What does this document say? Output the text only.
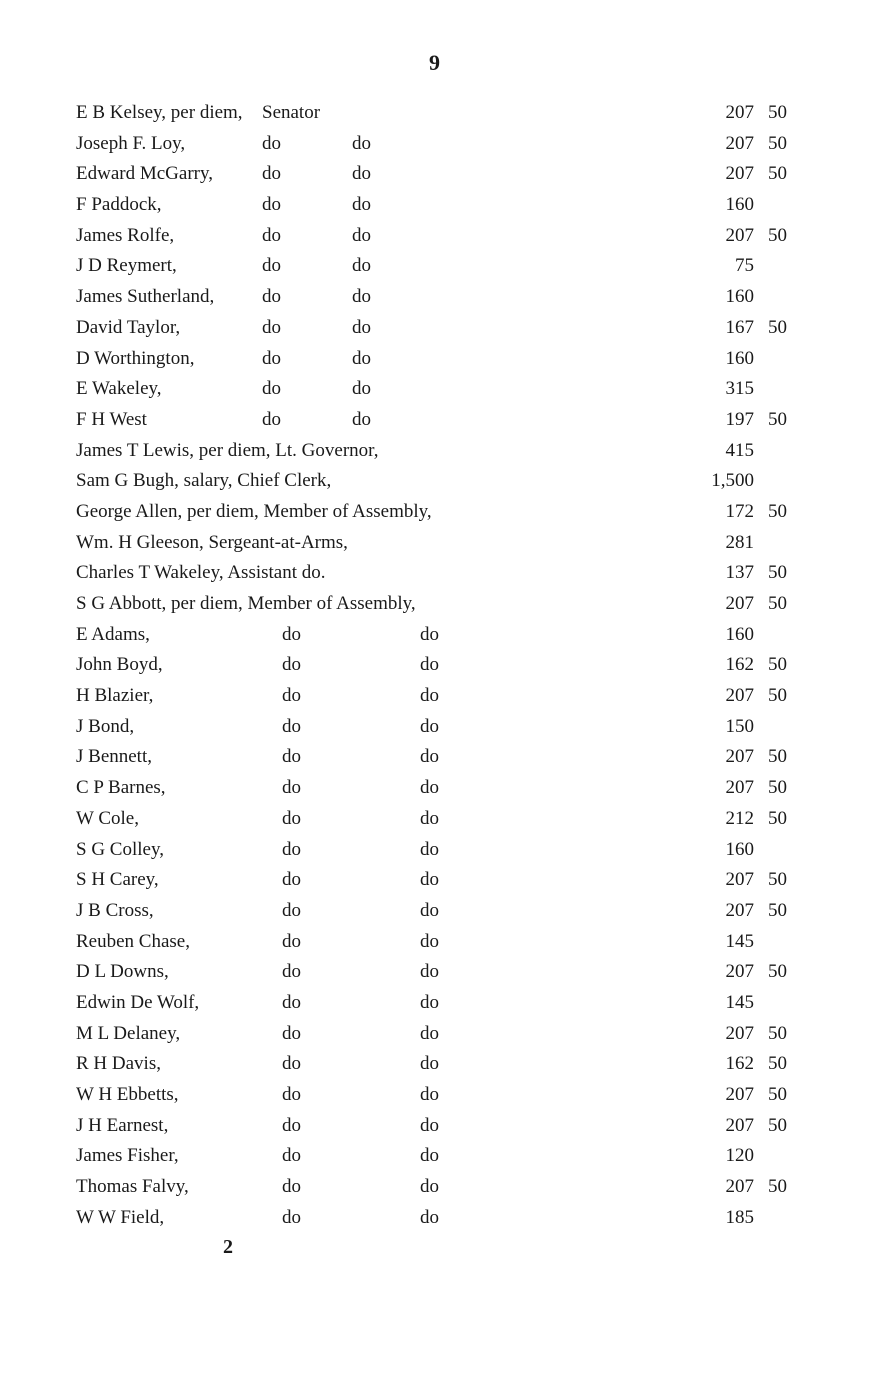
9
E B Kelsey, per diem, Senator	207 50
Joseph F. Loy,	do	do	207 50
Edward McGarry,	do	do	207 50
F Paddock,	do	do	160
James Rolfe,	do	do	207 50
J D Reymert,	do	do	75
James Sutherland,	do	do	160
David Taylor,	do	do	167 50
D Worthington,	do	do	160
E Wakeley,	do	do	315
F H West	do	do	197 50
James T Lewis, per diem, Lt. Governor,	415
Sam G Bugh, salary, Chief Clerk,	1,500
George Allen, per diem, Member of Assembly,	172 50
Wm. H Gleeson, Sergeant-at-Arms,	281
Charles T Wakeley, Assistant do.	137 50
S G Abbott, per diem, Member of Assembly,	207 50
E Adams,	do	do	160
John Boyd,	do	do	162 50
H Blazier,	do	do	207 50
J Bond,	do	do	150
J Bennett,	do	do	207 50
C P Barnes,	do	do	207 50
W Cole,	do	do	212 50
S G Colley,	do	do	160
S H Carey,	do	do	207 50
J B Cross,	do	do	207 50
Reuben Chase,	do	do	145
D L Downs,	do	do	207 50
Edwin De Wolf,	do	do	145
M L Delaney,	do	do	207 50
R H Davis,	do	do	162 50
W H Ebbetts,	do	do	207 50
J H Earnest,	do	do	207 50
James Fisher,	do	do	120
Thomas Falvy,	do	do	207 50
W W Field,	do	do	185
2
